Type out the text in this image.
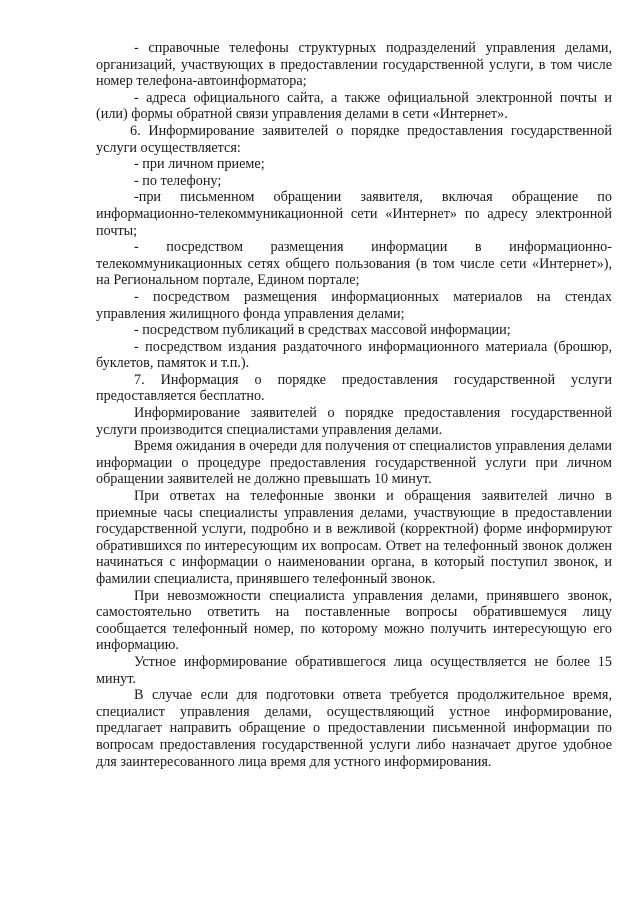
- справочные телефоны структурных подразделений управления делами, организаций, участвующих в предоставлении государственной услуги, в том числе номер телефона-автоинформатора;

- адреса официального сайта, а также официальной электронной почты и (или) формы обратной связи управления делами в сети «Интернет».

6. Информирование заявителей о порядке предоставления государственной услуги осуществляется:

- при личном приеме;

- по телефону;

-при письменном обращении заявителя, включая обращение по информационно-телекоммуникационной сети «Интернет» по адресу электронной почты;

- посредством размещения информации в информационно-телекоммуникационных сетях общего пользования (в том числе сети «Интернет»), на Региональном портале, Едином портале;

- посредством размещения информационных материалов на стендах управления жилищного фонда управления делами;

- посредством публикаций в средствах массовой информации;

- посредством издания раздаточного информационного материала (брошюр, буклетов, памяток и т.п.).

7. Информация о порядке предоставления государственной услуги предоставляется бесплатно.

Информирование заявителей о порядке предоставления государственной услуги производится специалистами управления делами.

Время ожидания в очереди для получения от специалистов управления делами информации о процедуре предоставления государственной услуги при личном обращении заявителей не должно превышать 10 минут.

При ответах на телефонные звонки и обращения заявителей лично в приемные часы специалисты управления делами, участвующие в предоставлении государственной услуги, подробно и в вежливой (корректной) форме информируют обратившихся по интересующим их вопросам. Ответ на телефонный звонок должен начинаться с информации о наименовании органа, в который поступил звонок, и фамилии специалиста, принявшего телефонный звонок.

При невозможности специалиста управления делами, принявшего звонок, самостоятельно ответить на поставленные вопросы обратившемуся лицу сообщается телефонный номер, по которому можно получить интересующую его информацию.

Устное информирование обратившегося лица осуществляется не более 15 минут.

В случае если для подготовки ответа требуется продолжительное время, специалист управления делами, осуществляющий устное информирование, предлагает направить обращение о предоставлении письменной информации по вопросам предоставления государственной услуги либо назначает другое удобное для заинтересованного лица время для устного информирования.
